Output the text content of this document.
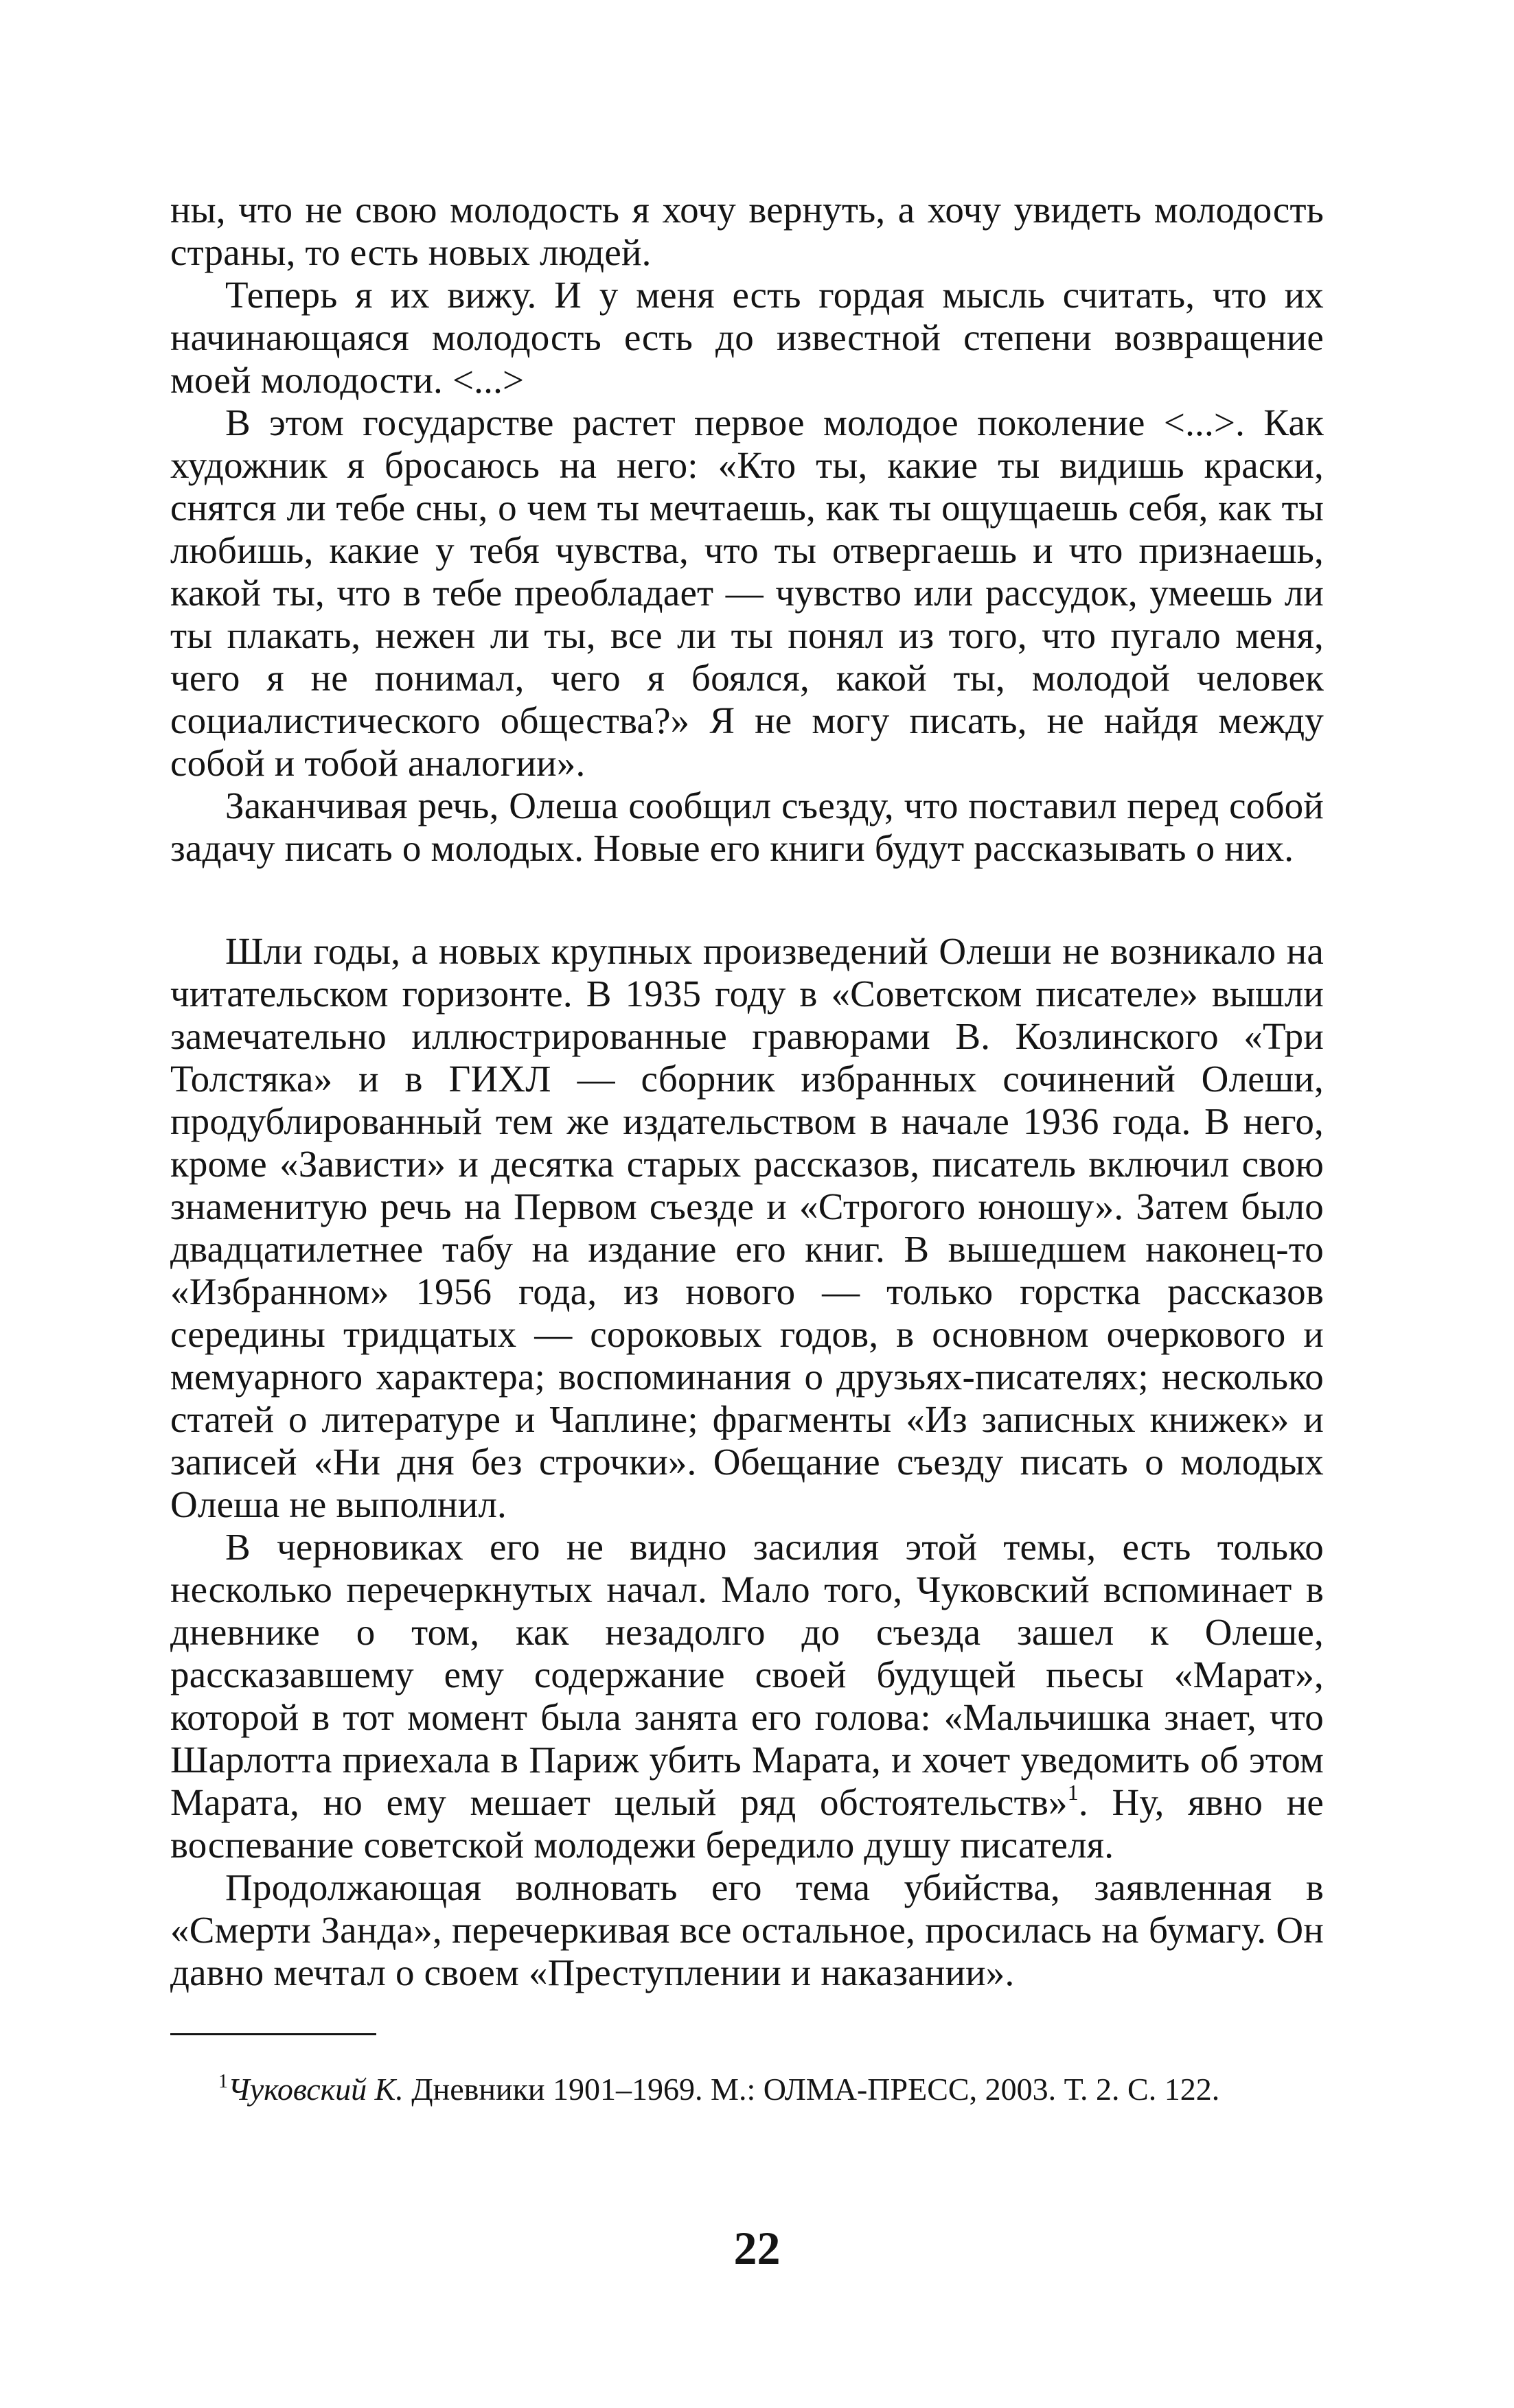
ны, что не свою молодость я хочу вернуть, а хочу увидеть молодость страны, то есть новых людей.

Теперь я их вижу. И у меня есть гордая мысль считать, что их начинающаяся молодость есть до известной степени возвращение моей молодости. <...>

В этом государстве растет первое молодое поколение <...>. Как художник я бросаюсь на него: «Кто ты, какие ты видишь краски, снятся ли тебе сны, о чем ты мечтаешь, как ты ощущаешь себя, как ты любишь, какие у тебя чувства, что ты отвергаешь и что признаешь, какой ты, что в тебе преобладает — чувство или рассудок, умеешь ли ты плакать, нежен ли ты, все ли ты понял из того, что пугало меня, чего я не понимал, чего я боялся, какой ты, молодой человек социалистического общества?» Я не могу писать, не найдя между собой и тобой аналогии».

Заканчивая речь, Олеша сообщил съезду, что поставил перед собой задачу писать о молодых. Новые его книги будут рассказывать о них.

Шли годы, а новых крупных произведений Олеши не возникало на читательском горизонте. В 1935 году в «Советском писателе» вышли замечательно иллюстрированные гравюрами В. Козлинского «Три Толстяка» и в ГИХЛ — сборник избранных сочинений Олеши, продублированный тем же издательством в начале 1936 года. В него, кроме «Зависти» и десятка старых рассказов, писатель включил свою знаменитую речь на Первом съезде и «Строгого юношу». Затем было двадцатилетнее табу на издание его книг. В вышедшем наконец-то «Избранном» 1956 года, из нового — только горстка рассказов середины тридцатых — сороковых годов, в основном очеркового и мемуарного характера; воспоминания о друзьях-писателях; несколько статей о литературе и Чаплине; фрагменты «Из записных книжек» и записей «Ни дня без строчки». Обещание съезду писать о молодых Олеша не выполнил.

В черновиках его не видно засилия этой темы, есть только несколько перечеркнутых начал. Мало того, Чуковский вспоминает в дневнике о том, как незадолго до съезда зашел к Олеше, рассказавшему ему содержание своей будущей пьесы «Марат», которой в тот момент была занята его голова: «Мальчишка знает, что Шарлотта приехала в Париж убить Марата, и хочет уведомить об этом Марата, но ему мешает целый ряд обстоятельств»$^1$. Ну, явно не воспевание советской молодежи бередило душу писателя.

Продолжающая волновать его тема убийства, заявленная в «Смерти Занда», перечеркивая все остальное, просилась на бумагу. Он давно мечтал о своем «Преступлении и наказании».

$^1$Чуковский К. Дневники 1901–1969. М.: ОЛМА-ПРЕСС, 2003. Т. 2. С. 122.

22
